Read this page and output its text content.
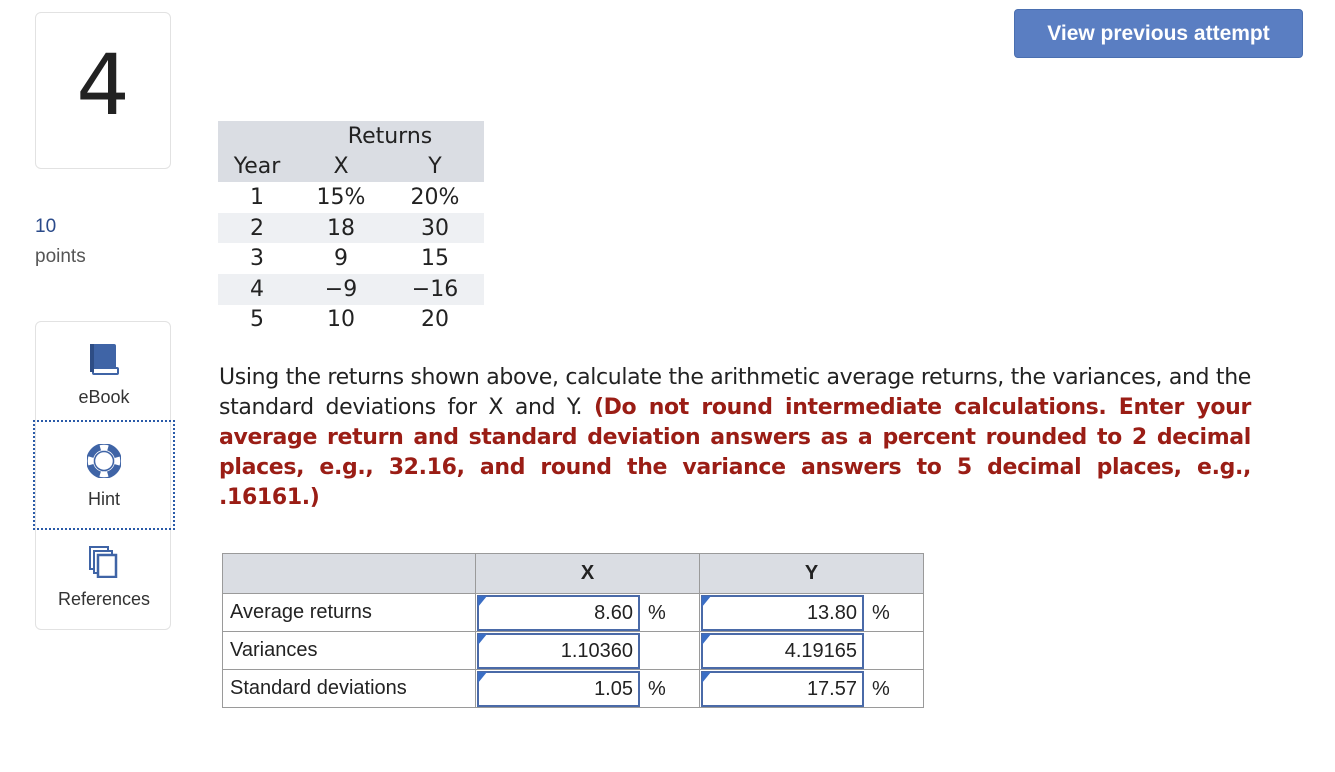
4
10
points
eBook
Hint
References
View previous attempt
	Returns	
Year	X	Y
1	15%	20%
2	18	30
3	9	15
4	−9	−16
5	10	20
Using the returns shown above, calculate the arithmetic average returns, the variances, and the standard deviations for X and Y. (Do not round intermediate calculations. Enter your average return and standard deviation answers as a percent rounded to 2 decimal places, e.g., 32.16, and round the variance answers to 5 decimal places, e.g., .16161.)
	X	Y
Average returns	8.60 %	13.80 %

Variances	1.10360	4.19165

Standard deviations	1.05 %	17.57 %
